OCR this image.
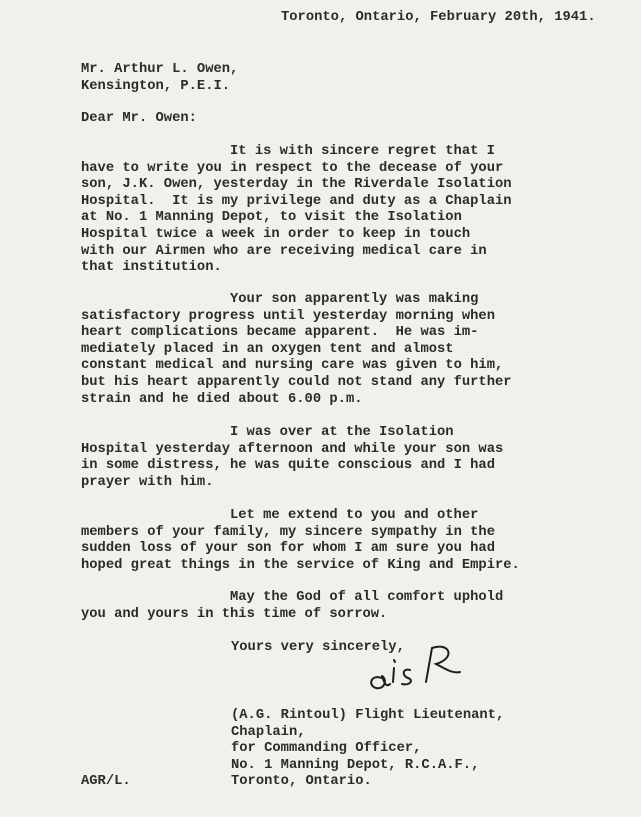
Toronto, Ontario, February 20th, 1941.
Mr. Arthur L. Owen,
Kensington, P.E.I.
Dear Mr. Owen:
It is with sincere regret that I
have to write you in respect to the decease of your
son, J.K. Owen, yesterday in the Riverdale Isolation
Hospital.  It is my privilege and duty as a Chaplain
at No. 1 Manning Depot, to visit the Isolation
Hospital twice a week in order to keep in touch
with our Airmen who are receiving medical care in
that institution.
Your son apparently was making
satisfactory progress until yesterday morning when
heart complications became apparent.  He was im-
mediately placed in an oxygen tent and almost
constant medical and nursing care was given to him,
but his heart apparently could not stand any further
strain and he died about 6.00 p.m.
I was over at the Isolation
Hospital yesterday afternoon and while your son was
in some distress, he was quite conscious and I had
prayer with him.
Let me extend to you and other
members of your family, my sincere sympathy in the
sudden loss of your son for whom I am sure you had
hoped great things in the service of King and Empire.
May the God of all comfort uphold
you and yours in this time of sorrow.
Yours very sincerely,
(A.G. Rintoul) Flight Lieutenant,
Chaplain,
for Commanding Officer,
No. 1 Manning Depot, R.C.A.F.,
Toronto, Ontario.
AGR/L.
